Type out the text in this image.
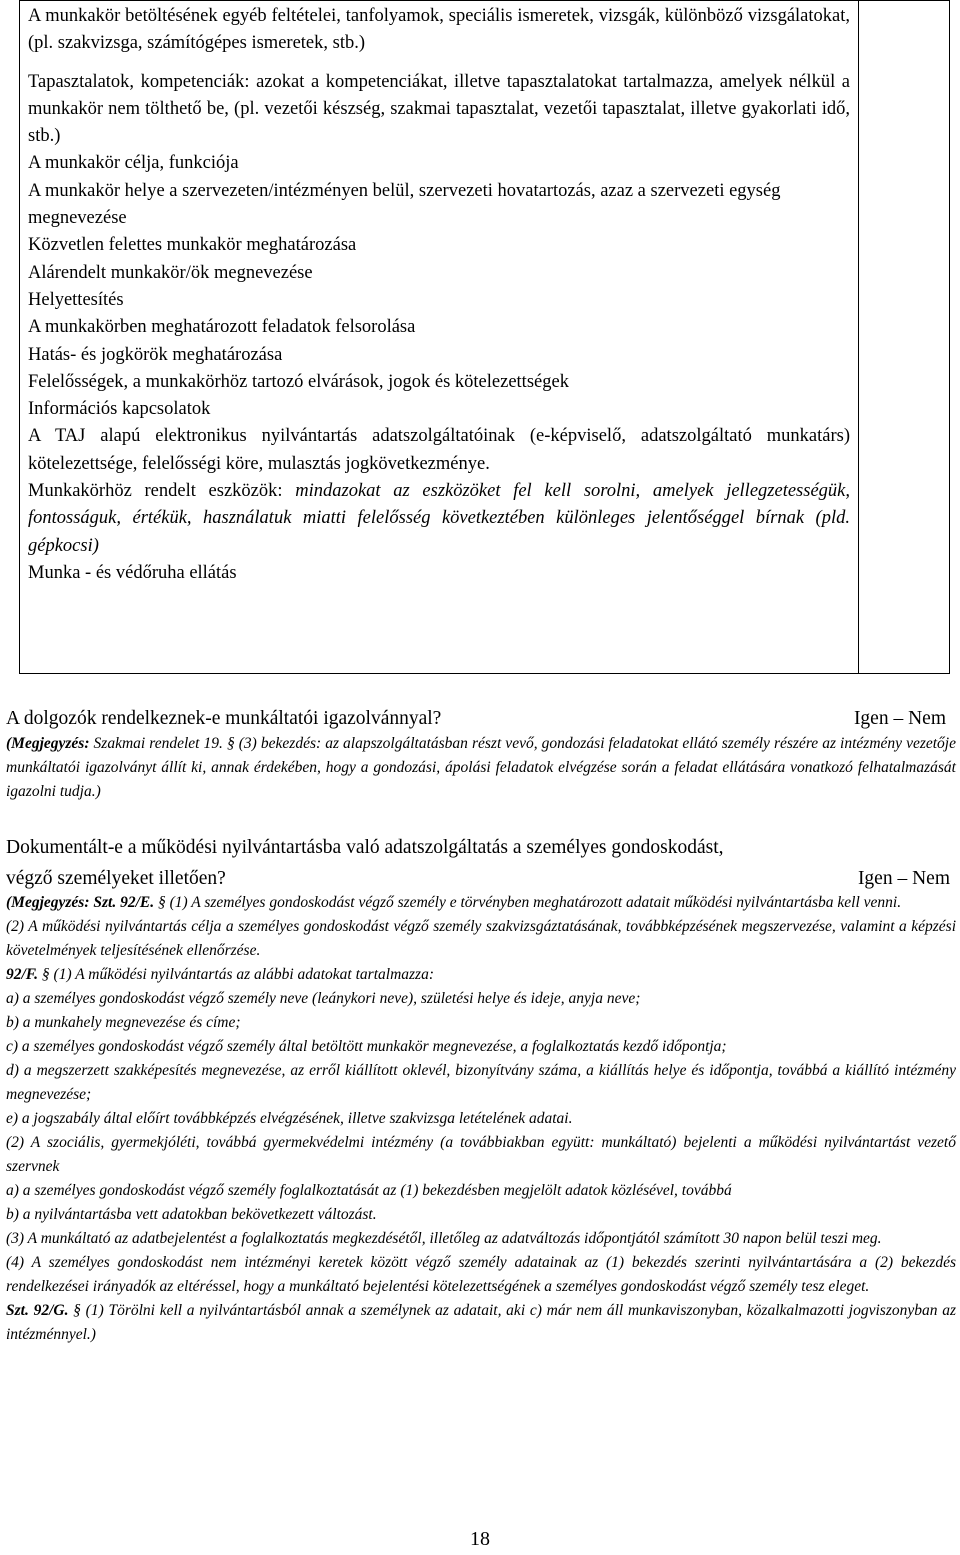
A munkakör betöltésének egyéb feltételei, tanfolyamok, speciális ismeretek, vizsgák, különböző vizsgálatokat, (pl. szakvizsga, számítógépes ismeretek, stb.)
Tapasztalatok, kompetenciák: azokat a kompetenciákat, illetve tapasztalatokat tartalmazza, amelyek nélkül a munkakör nem tölthető be, (pl. vezetői készség, szakmai tapasztalat, vezetői tapasztalat, illetve gyakorlati idő, stb.)
A munkakör célja, funkciója
A munkakör helye a szervezeten/intézményen belül, szervezeti hovatartozás, azaz a szervezeti egység megnevezése
Közvetlen felettes munkakör meghatározása
Alárendelt munkakör/ök megnevezése
Helyettesítés
A munkakörben meghatározott feladatok felsorolása
Hatás- és jogkörök meghatározása
Felelősségek, a munkakörhöz tartozó elvárások, jogok és kötelezettségek
Információs kapcsolatok
A TAJ alapú elektronikus nyilvántartás adatszolgáltatóinak (e-képviselő, adatszolgáltató munkatárs) kötelezettsége, felelősségi köre, mulasztás jogkövetkezménye.
Munkakörhöz rendelt eszközök: mindazokat az eszközöket fel kell sorolni, amelyek jellegzetességük, fontosságuk, értékük, használatuk miatti felelősség következtében különleges jelentőséggel bírnak (pld. gépkocsi)
Munka - és védőruha ellátás

A dolgozók rendelkeznek-e munkáltatói igazolvánnyal?	Igen – Nem
(Megjegyzés: Szakmai rendelet 19. § (3) bekezdés: az alapszolgáltatásban részt vevő, gondozási feladatokat ellátó személy részére az intézmény vezetője munkáltatói igazolványt állít ki, annak érdekében, hogy a gondozási, ápolási feladatok elvégzése során a feladat ellátására vonatkozó felhatalmazását igazolni tudja.)
Dokumentált-e a működési nyilvántartásba való adatszolgáltatás a személyes gondoskodást,
végző személyeket illetően?	Igen – Nem
(Megjegyzés: Szt. 92/E. § (1) A személyes gondoskodást végző személy e törvényben meghatározott adatait működési nyilvántartásba kell venni.
(2) A működési nyilvántartás célja a személyes gondoskodást végző személy szakvizsgáztatásának, továbbképzésének megszervezése, valamint a képzési követelmények teljesítésének ellenőrzése.
92/F. § (1) A működési nyilvántartás az alábbi adatokat tartalmazza:
a) a személyes gondoskodást végző személy neve (leánykori neve), születési helye és ideje, anyja neve;
b) a munkahely megnevezése és címe;
c) a személyes gondoskodást végző személy által betöltött munkakör megnevezése, a foglalkoztatás kezdő időpontja;
d) a megszerzett szakképesítés megnevezése, az erről kiállított oklevél, bizonyítvány száma, a kiállítás helye és időpontja, továbbá a kiállító intézmény megnevezése;
e) a jogszabály által előírt továbbképzés elvégzésének, illetve szakvizsga letételének adatai.
(2) A szociális, gyermekjóléti, továbbá gyermekvédelmi intézmény (a továbbiakban együtt: munkáltató) bejelenti a működési nyilvántartást vezető szervnek
a) a személyes gondoskodást végző személy foglalkoztatását az (1) bekezdésben megjelölt adatok közlésével, továbbá
b) a nyilvántartásba vett adatokban bekövetkezett változást.
(3) A munkáltató az adatbejelentést a foglalkoztatás megkezdésétől, illetőleg az adatváltozás időpontjától számított 30 napon belül teszi meg.
(4) A személyes gondoskodást nem intézményi keretek között végző személy adatainak az (1) bekezdés szerinti nyilvántartására a (2) bekezdés rendelkezései irányadók az eltéréssel, hogy a munkáltató bejelentési kötelezettségének a személyes gondoskodást végző személy tesz eleget.
Szt. 92/G. § (1) Törölni kell a nyilvántartásból annak a személynek az adatait, aki c) már nem áll munkaviszonyban, közalkalmazotti jogviszonyban az intézménnyel.)
18
